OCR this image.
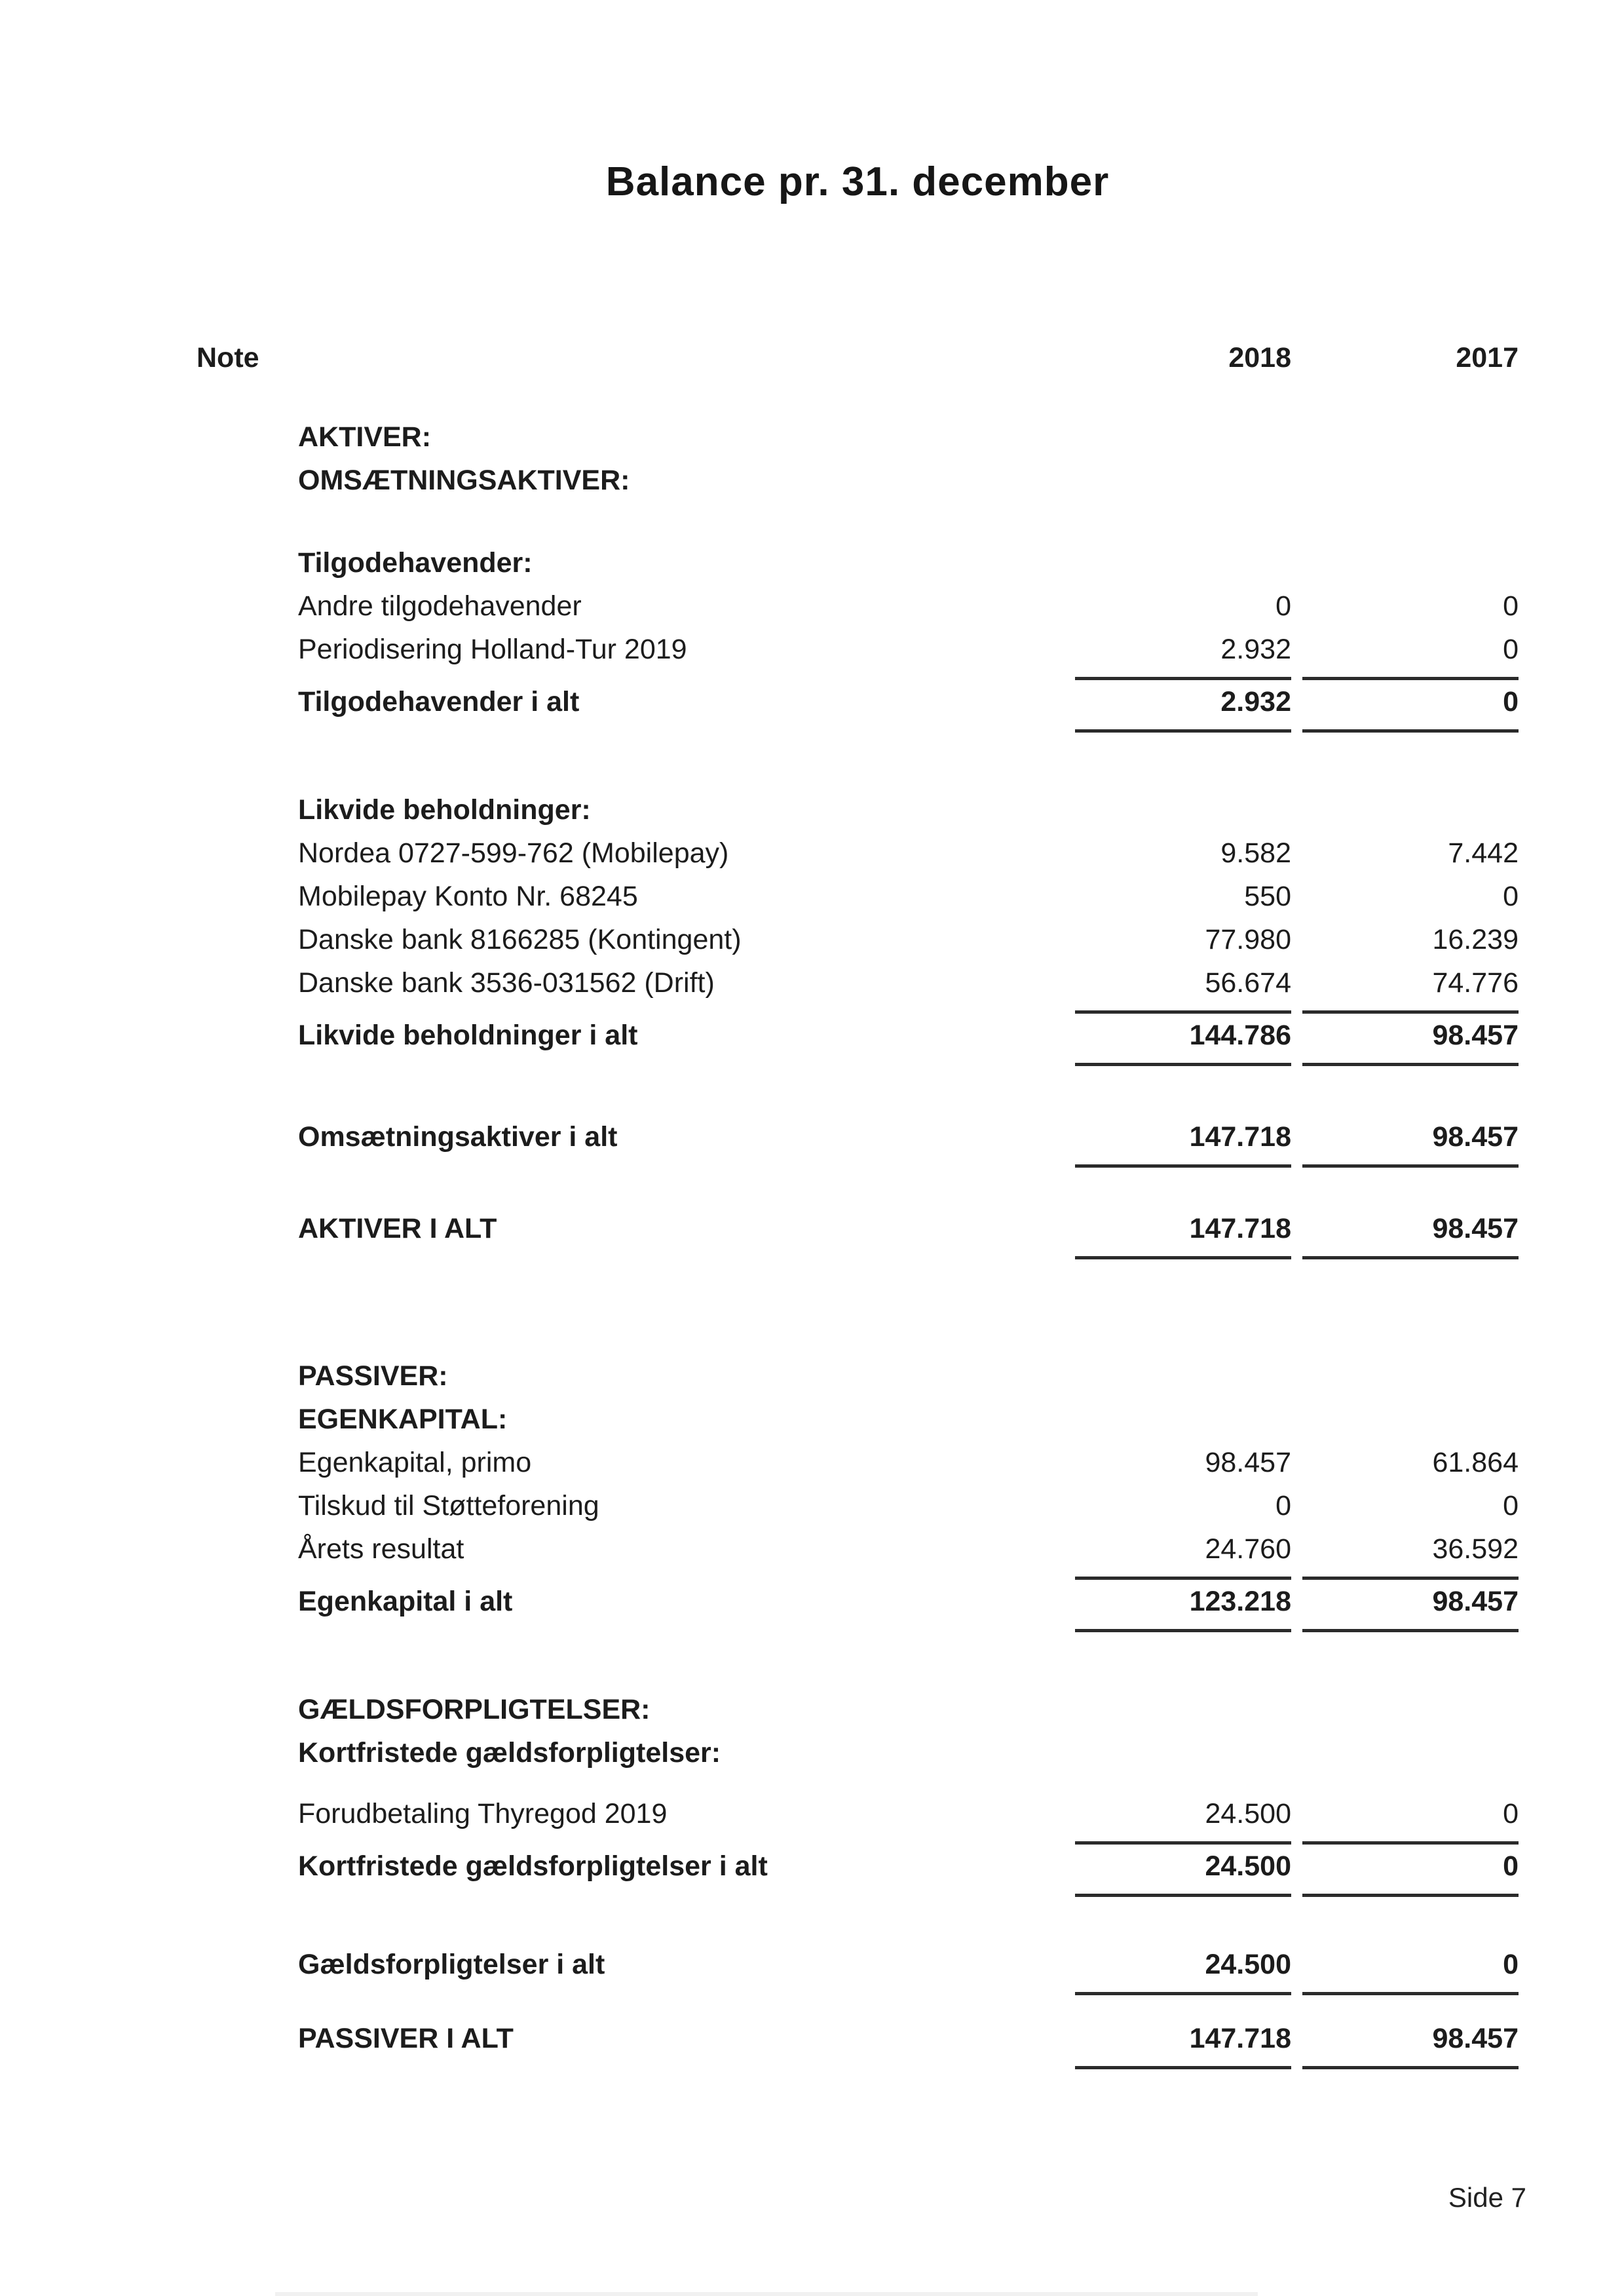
Balance pr. 31. december
Note	2018	2017
AKTIVER:
OMSÆTNINGSAKTIVER:
Tilgodehavender:
Andre tilgodehavender	0	0
Periodisering Holland-Tur 2019	2.932	0
Tilgodehavender i alt	2.932	0
Likvide beholdninger:
Nordea 0727-599-762 (Mobilepay)	9.582	7.442
Mobilepay Konto Nr. 68245	550	0
Danske bank 8166285 (Kontingent)	77.980	16.239
Danske bank 3536-031562 (Drift)	56.674	74.776
Likvide beholdninger i alt	144.786	98.457
Omsætningsaktiver i alt	147.718	98.457
AKTIVER I ALT	147.718	98.457
PASSIVER:
EGENKAPITAL:
Egenkapital, primo	98.457	61.864
Tilskud til Støtteforening	0	0
Årets resultat	24.760	36.592
Egenkapital i alt	123.218	98.457
GÆLDSFORPLIGTELSER:
Kortfristede gældsforpligtelser:
Forudbetaling Thyregod 2019	24.500	0
Kortfristede gældsforpligtelser i alt	24.500	0
Gældsforpligtelser i alt	24.500	0
PASSIVER I ALT	147.718	98.457
Side 7
